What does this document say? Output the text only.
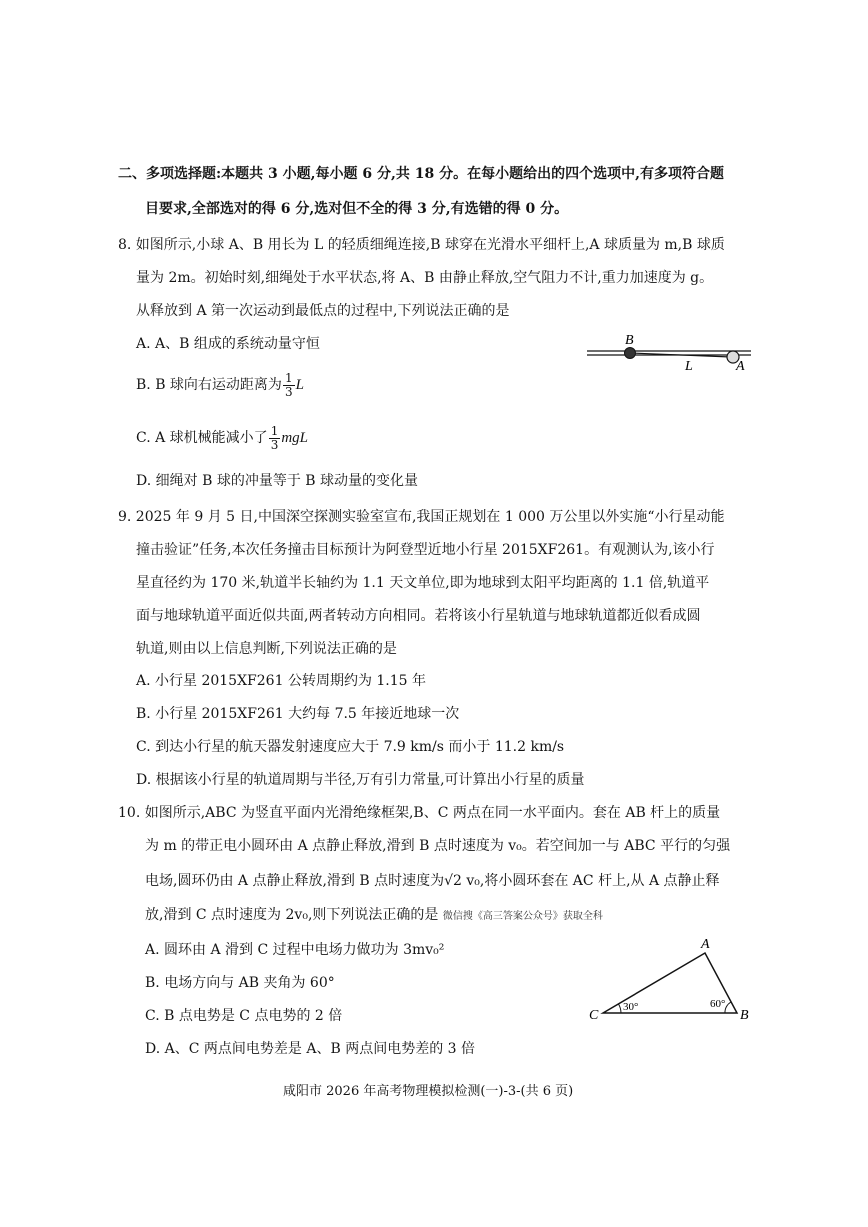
二、多项选择题:本题共 3 小题,每小题 6 分,共 18 分。在每小题给出的四个选项中,有多项符合题
目要求,全部选对的得 6 分,选对但不全的得 3 分,有选错的得 0 分。
8. 如图所示,小球 A、B 用长为 L 的轻质细绳连接,B 球穿在光滑水平细杆上,A 球质量为 m,B 球质
量为 2m。初始时刻,细绳处于水平状态,将 A、B 由静止释放,空气阻力不计,重力加速度为 g。
从释放到 A 第一次运动到最低点的过程中,下列说法正确的是
A. A、B 组成的系统动量守恒
B. B 球向右运动距离为 $\frac{1}{3}$ L
C. A 球机械能减小了 $\frac{1}{3}$ mgL
D. 细绳对 B 球的冲量等于 B 球动量的变化量
B
L	A
9. 2025 年 9 月 5 日,中国深空探测实验室宣布,我国正规划在 1 000 万公里以外实施“小行星动能
撞击验证”任务,本次任务撞击目标预计为阿登型近地小行星 2015XF261。有观测认为,该小行
星直径约为 170 米,轨道半长轴约为 1.1 天文单位,即为地球到太阳平均距离的 1.1 倍,轨道平
面与地球轨道平面近似共面,两者转动方向相同。若将该小行星轨道与地球轨道都近似看成圆
轨道,则由以上信息判断,下列说法正确的是
A. 小行星 2015XF261 公转周期约为 1.15 年
B. 小行星 2015XF261 大约每 7.5 年接近地球一次
C. 到达小行星的航天器发射速度应大于 7.9 km/s 而小于 11.2 km/s
D. 根据该小行星的轨道周期与半径,万有引力常量,可计算出小行星的质量
10. 如图所示,ABC 为竖直平面内光滑绝缘框架,B、C 两点在同一水平面内。套在 AB 杆上的质量
为 m 的带正电小圆环由 A 点静止释放,滑到 B 点时速度为 v₀。若空间加一与 ABC 平行的匀强
电场,圆环仍由 A 点静止释放,滑到 B 点时速度为√2 v₀,将小圆环套在 AC 杆上,从 A 点静止释
放,滑到 C 点时速度为 2v₀,则下列说法正确的是 微信搜《高三答案公众号》获取全科
A. 圆环由 A 滑到 C 过程中电场力做功为 3mv₀²
B. 电场方向与 AB 夹角为 60°
C. B 点电势是 C 点电势的 2 倍
D. A、C 两点间电势差是 A、B 两点间电势差的 3 倍
A
C	B
30°	60°
咸阳市 2026 年高考物理模拟检测(一)-3-(共 6 页)
